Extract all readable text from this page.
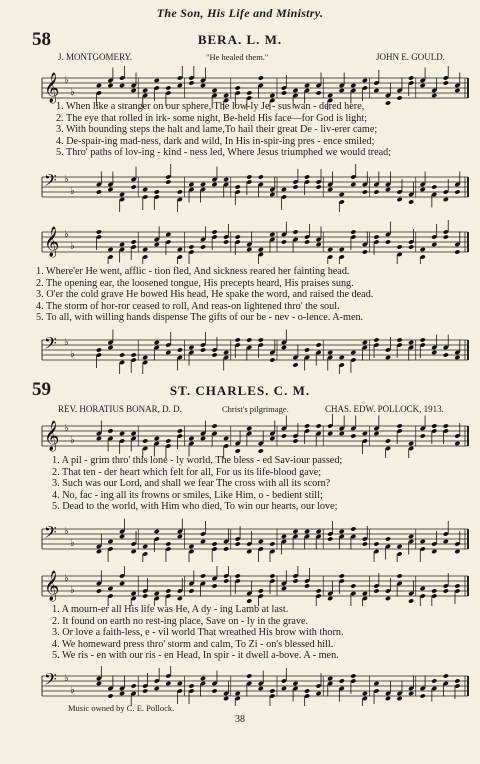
The Son, His Life and Ministry.
58	BERA. L. M.
J. MONTGOMERY.	"He healed them."	JOHN E. GOULD.
𝄞 ♭
♭
1. When like a stranger on our sphere, The low-ly Je - sus wan - dered here,
2. The eye that rolled in irk- some night, Be-held His face—for God is light;
3. With bounding steps the halt and lame,To hail their great De - liv-erer came;
4. De-spair-ing mad-ness, dark and wild, In His in-spir-ing pres - ence smiled;
5. Thro' paths of lov-ing - kind - ness led, Where Jesus triumphed we would tread;
𝄢 ♭
♭
𝄞 ♭
♭
1. Where'er He went, afflic - tion fled, And sickness reared her fainting head.
2. The opening ear, the loosened tongue, His precepts heard, His praises sung.
3. O'er the cold grave He bowed His head, He spake the word, and raised the dead.
4. The storm of hor-ror ceased to roll, And reas-on lightened thro' the soul.
5. To all, with willing hands dispense The gifts of our be - nev - o-lence. A-men.
𝄢 ♭
♭
59	ST. CHARLES. C. M.
REV. HORATIUS BONAR, D. D.	Christ's pilgrimage.	CHAS. EDW. POLLOCK, 1913.
𝄞 ♭
♭
1. A pil - grim thro' this lone - ly world, The bless - ed Sav-iour passed;
2. That ten - der heart which felt for all, For us its life-blood gave;
3. Such was our Lord, and shall we fear The cross with all its scorn?
4. No, fac - ing all its frowns or smiles, Like Him, o - bedient still;
5. Dead to the world, with Him who died, To win our hearts, our love;
𝄢 ♭
♭
𝄞 ♭
♭
1. A mourn-er all His life was He, A dy - ing Lamb at last.
2. It found on earth no rest-ing place, Save on - ly in the grave.
3. Or love a faith-less, e - vil world That wreathed His brow with thorn.
4. We homeward press thro' storm and calm, To Zi - on's blessed hill.
5. We ris - en with our ris - en Head, In spir - it dwell a-bove. A - men.
𝄢 ♭
♭
Music owned by C. E. Pollock.
38
